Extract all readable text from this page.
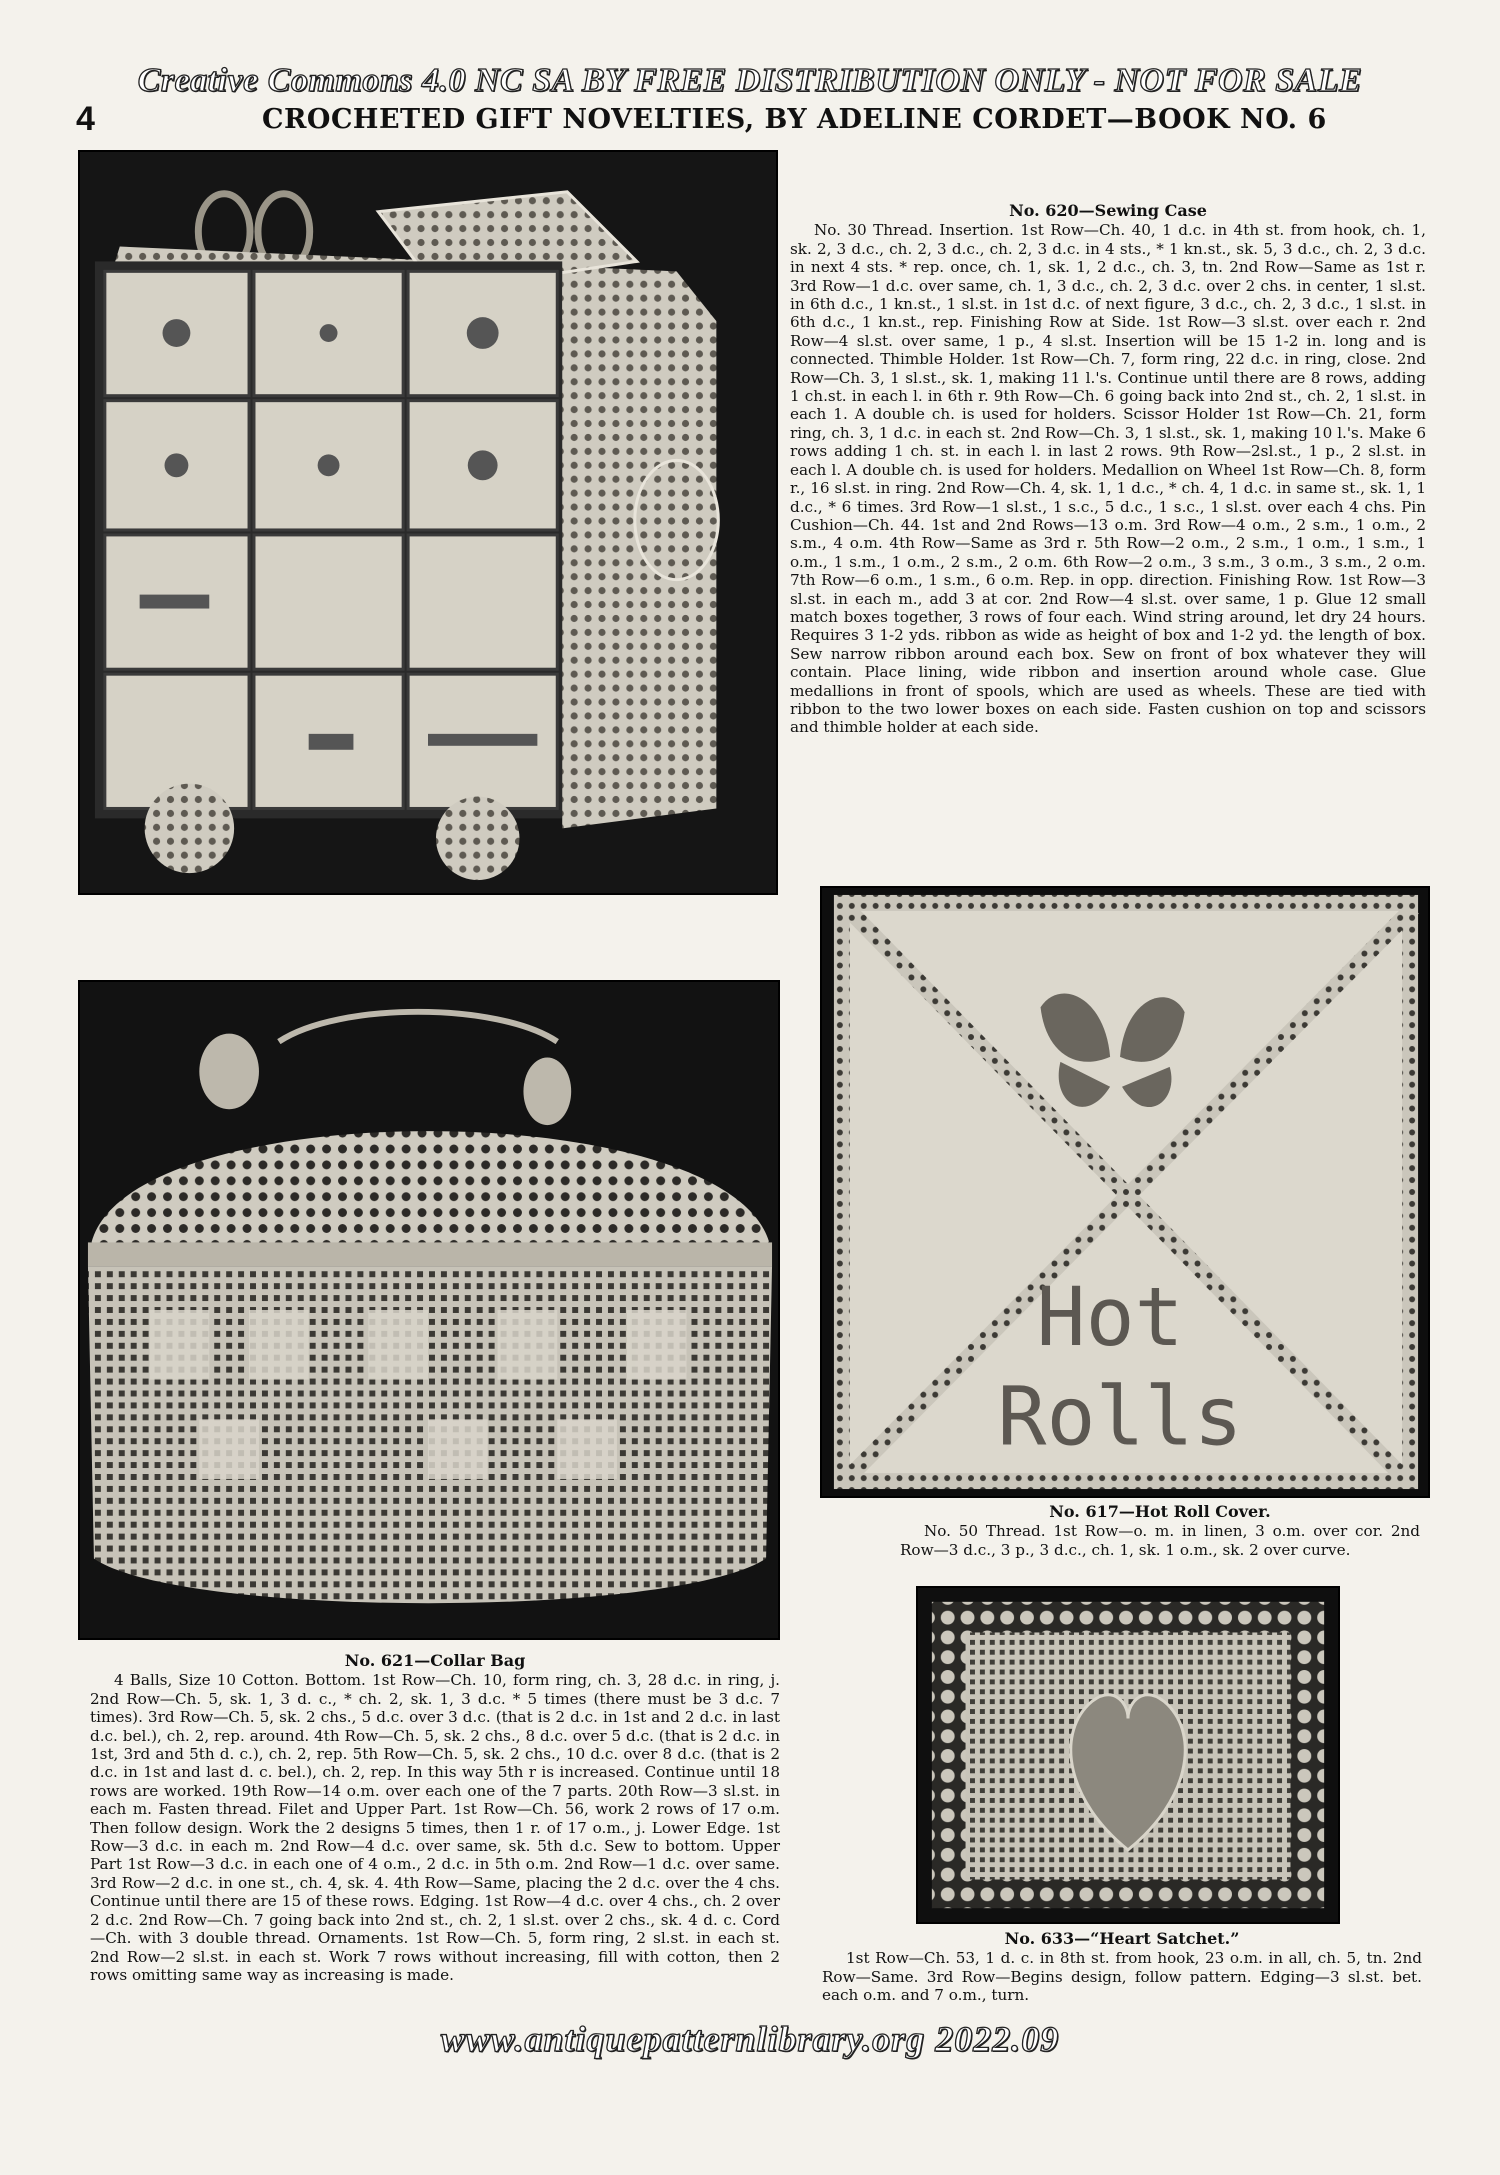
Creative Commons 4.0 NC SA BY FREE DISTRIBUTION ONLY - NOT FOR SALE
4	CROCHETED GIFT NOVELTIES, BY ADELINE CORDET—BOOK NO. 6
No. 620—Sewing Case

No. 30 Thread. Insertion. 1st Row—Ch. 40, 1 d.c. in 4th st. from hook, ch. 1, sk. 2, 3 d.c., ch. 2, 3 d.c., ch. 2, 3 d.c. in 4 sts., * 1 kn.st., sk. 5, 3 d.c., ch. 2, 3 d.c. in next 4 sts. * rep. once, ch. 1, sk. 1, 2 d.c., ch. 3, tn. 2nd Row—Same as 1st r. 3rd Row—1 d.c. over same, ch. 1, 3 d.c., ch. 2, 3 d.c. over 2 chs. in center, 1 sl.st. in 6th d.c., 1 kn.st., 1 sl.st. in 1st d.c. of next figure, 3 d.c., ch. 2, 3 d.c., 1 sl.st. in 6th d.c., 1 kn.st., rep. Finishing Row at Side. 1st Row—3 sl.st. over each r. 2nd Row—4 sl.st. over same, 1 p., 4 sl.st. Insertion will be 15 1-2 in. long and is connected. Thimble Holder. 1st Row—Ch. 7, form ring, 22 d.c. in ring, close. 2nd Row—Ch. 3, 1 sl.st., sk. 1, making 11 l.'s. Continue until there are 8 rows, adding 1 ch.st. in each l. in 6th r. 9th Row—Ch. 6 going back into 2nd st., ch. 2, 1 sl.st. in each 1. A double ch. is used for holders. Scissor Holder 1st Row—Ch. 21, form ring, ch. 3, 1 d.c. in each st. 2nd Row—Ch. 3, 1 sl.st., sk. 1, making 10 l.'s. Make 6 rows adding 1 ch. st. in each l. in last 2 rows. 9th Row—2sl.st., 1 p., 2 sl.st. in each l. A double ch. is used for holders. Medallion on Wheel 1st Row—Ch. 8, form r., 16 sl.st. in ring. 2nd Row—Ch. 4, sk. 1, 1 d.c., * ch. 4, 1 d.c. in same st., sk. 1, 1 d.c., * 6 times. 3rd Row—1 sl.st., 1 s.c., 5 d.c., 1 s.c., 1 sl.st. over each 4 chs. Pin Cushion—Ch. 44. 1st and 2nd Rows—13 o.m. 3rd Row—4 o.m., 2 s.m., 1 o.m., 2 s.m., 4 o.m. 4th Row—Same as 3rd r. 5th Row—2 o.m., 2 s.m., 1 o.m., 1 s.m., 1 o.m., 1 s.m., 1 o.m., 2 s.m., 2 o.m. 6th Row—2 o.m., 3 s.m., 3 o.m., 3 s.m., 2 o.m. 7th Row—6 o.m., 1 s.m., 6 o.m. Rep. in opp. direction. Finishing Row. 1st Row—3 sl.st. in each m., add 3 at cor. 2nd Row—4 sl.st. over same, 1 p. Glue 12 small match boxes together, 3 rows of four each. Wind string around, let dry 24 hours. Requires 3 1-2 yds. ribbon as wide as height of box and 1-2 yd. the length of box. Sew narrow ribbon around each box. Sew on front of box whatever they will contain. Place lining, wide ribbon and insertion around whole case. Glue medallions in front of spools, which are used as wheels. These are tied with ribbon to the two lower boxes on each side. Fasten cushion on top and scissors and thimble holder at each side.

Hot
Rolls
No. 617—Hot Roll Cover.

No. 50 Thread. 1st Row—o. m. in linen, 3 o.m. over cor. 2nd Row—3 d.c., 3 p., 3 d.c., ch. 1, sk. 1 o.m., sk. 2 over curve.

No. 621—Collar Bag

4 Balls, Size 10 Cotton. Bottom. 1st Row—Ch. 10, form ring, ch. 3, 28 d.c. in ring, j. 2nd Row—Ch. 5, sk. 1, 3 d. c., * ch. 2, sk. 1, 3 d.c. * 5 times (there must be 3 d.c. 7 times). 3rd Row—Ch. 5, sk. 2 chs., 5 d.c. over 3 d.c. (that is 2 d.c. in 1st and 2 d.c. in last d.c. bel.), ch. 2, rep. around. 4th Row—Ch. 5, sk. 2 chs., 8 d.c. over 5 d.c. (that is 2 d.c. in 1st, 3rd and 5th d. c.), ch. 2, rep. 5th Row—Ch. 5, sk. 2 chs., 10 d.c. over 8 d.c. (that is 2 d.c. in 1st and last d. c. bel.), ch. 2, rep. In this way 5th r is increased. Continue until 18 rows are worked. 19th Row—14 o.m. over each one of the 7 parts. 20th Row—3 sl.st. in each m. Fasten thread. Filet and Upper Part. 1st Row—Ch. 56, work 2 rows of 17 o.m. Then follow design. Work the 2 designs 5 times, then 1 r. of 17 o.m., j. Lower Edge. 1st Row—3 d.c. in each m. 2nd Row—4 d.c. over same, sk. 5th d.c. Sew to bottom. Upper Part 1st Row—3 d.c. in each one of 4 o.m., 2 d.c. in 5th o.m. 2nd Row—1 d.c. over same. 3rd Row—2 d.c. in one st., ch. 4, sk. 4. 4th Row—Same, placing the 2 d.c. over the 4 chs. Continue until there are 15 of these rows. Edging. 1st Row—4 d.c. over 4 chs., ch. 2 over 2 d.c. 2nd Row—Ch. 7 going back into 2nd st., ch. 2, 1 sl.st. over 2 chs., sk. 4 d. c. Cord—Ch. with 3 double thread. Ornaments. 1st Row—Ch. 5, form ring, 2 sl.st. in each st. 2nd Row—2 sl.st. in each st. Work 7 rows without increasing, fill with cotton, then 2 rows omitting same way as increasing is made.

No. 633—“Heart Satchet.”

1st Row—Ch. 53, 1 d. c. in 8th st. from hook, 23 o.m. in all, ch. 5, tn. 2nd Row—Same. 3rd Row—Begins design, follow pattern. Edging—3 sl.st. bet. each o.m. and 7 o.m., turn.

www.antiquepatternlibrary.org 2022.09
